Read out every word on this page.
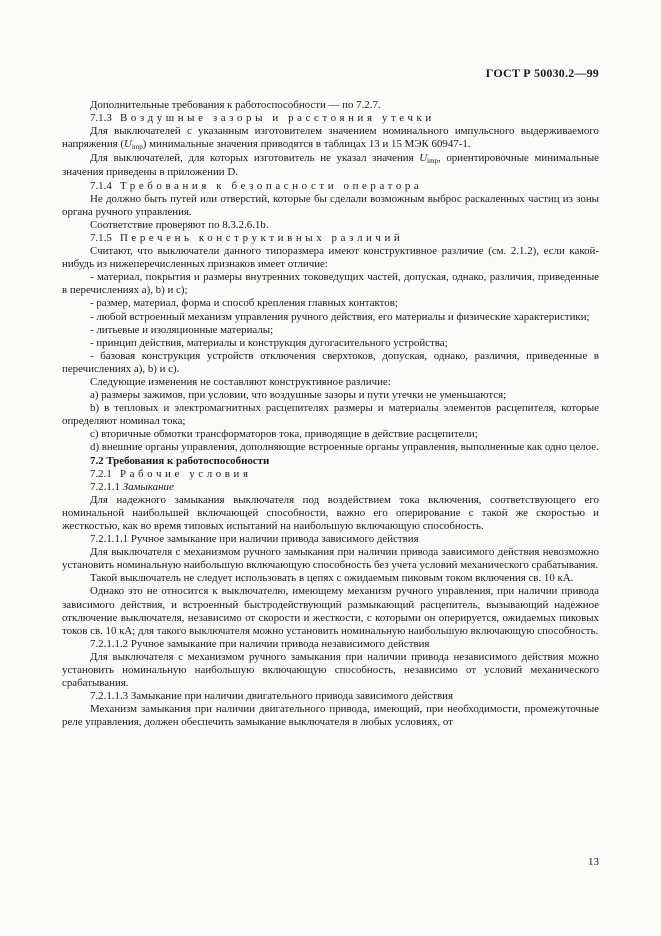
ГОСТ Р 50030.2—99

Дополнительные требования к работоспособности — по 7.2.7.

7.1.3 Воздушные зазоры и расстояния утечки

Для выключателей с указанным изготовителем значением номинального импульсного выдерживаемого напряжения (Uimp) минимальные значения приводятся в таблицах 13 и 15 МЭК 60947-1.

Для выключателей, для которых изготовитель не указал значения Uimp, ориентировочные минимальные значения приведены в приложении D.

7.1.4 Требования к безопасности оператора

Не должно быть путей или отверстий, которые бы сделали возможным выброс раскаленных частиц из зоны органа ручного управления.

Соответствие проверяют по 8.3.2.6.1b.

7.1.5 Перечень конструктивных различий

Считают, что выключатели данного типоразмера имеют конструктивное различие (см. 2.1.2), если какой-нибудь из нижеперечисленных признаков имеет отличие:

- материал, покрытия и размеры внутренних токоведущих частей, допуская, однако, различия, приведенные в перечислениях а), b) и c);

- размер, материал, форма и способ крепления главных контактов;

- любой встроенный механизм управления ручного действия, его материалы и физические характеристики;

- литьевые и изоляционные материалы;

- принцип действия, материалы и конструкция дугогасительного устройства;

- базовая конструкция устройств отключения сверхтоков, допуская, однако, различия, приведенные в перечислениях а), b) и c).

Следующие изменения не составляют конструктивное различие:

a) размеры зажимов, при условии, что воздушные зазоры и пути утечки не уменьшаются;

b) в тепловых и электромагнитных расцепителях размеры и материалы элементов расцепителя, которые определяют номинал тока;

c) вторичные обмотки трансформаторов тока, приводящие в действие расцепители;

d) внешние органы управления, дополняющие встроенные органы управления, выполненные как одно целое.

7.2 Требования к работоспособности

7.2.1 Рабочие условия

7.2.1.1 Замыкание

Для надежного замыкания выключателя под воздействием тока включения, соответствующего его номинальной наибольшей включающей способности, важно его оперирование с такой же скоростью и жесткостью, как во время типовых испытаний на наибольшую включающую способность.

7.2.1.1.1 Ручное замыкание при наличии привода зависимого действия

Для выключателя с механизмом ручного замыкания при наличии привода зависимого действия невозможно установить номинальную наибольшую включающую способность без учета условий механического срабатывания.

Такой выключатель не следует использовать в цепях с ожидаемым пиковым током включения св. 10 кА.

Однако это не относится к выключателю, имеющему механизм ручного управления, при наличии привода зависимого действия, и встроенный быстродействующий размыкающий расцепитель, вызывающий надежное отключение выключателя, независимо от скорости и жесткости, с которыми он оперируется, ожидаемых пиковых токов св. 10 кА; для такого выключателя можно установить номинальную наибольшую включающую способность.

7.2.1.1.2 Ручное замыкание при наличии привода независимого действия

Для выключателя с механизмом ручного замыкания при наличии привода независимого действия можно установить номинальную наибольшую включающую способность, независимо от условий механического срабатывания.

7.2.1.1.3 Замыкание при наличии двигательного привода зависимого действия

Механизм замыкания при наличии двигательного привода, имеющий, при необходимости, промежуточные реле управления, должен обеспечить замыкание выключателя в любых условиях, от

13
